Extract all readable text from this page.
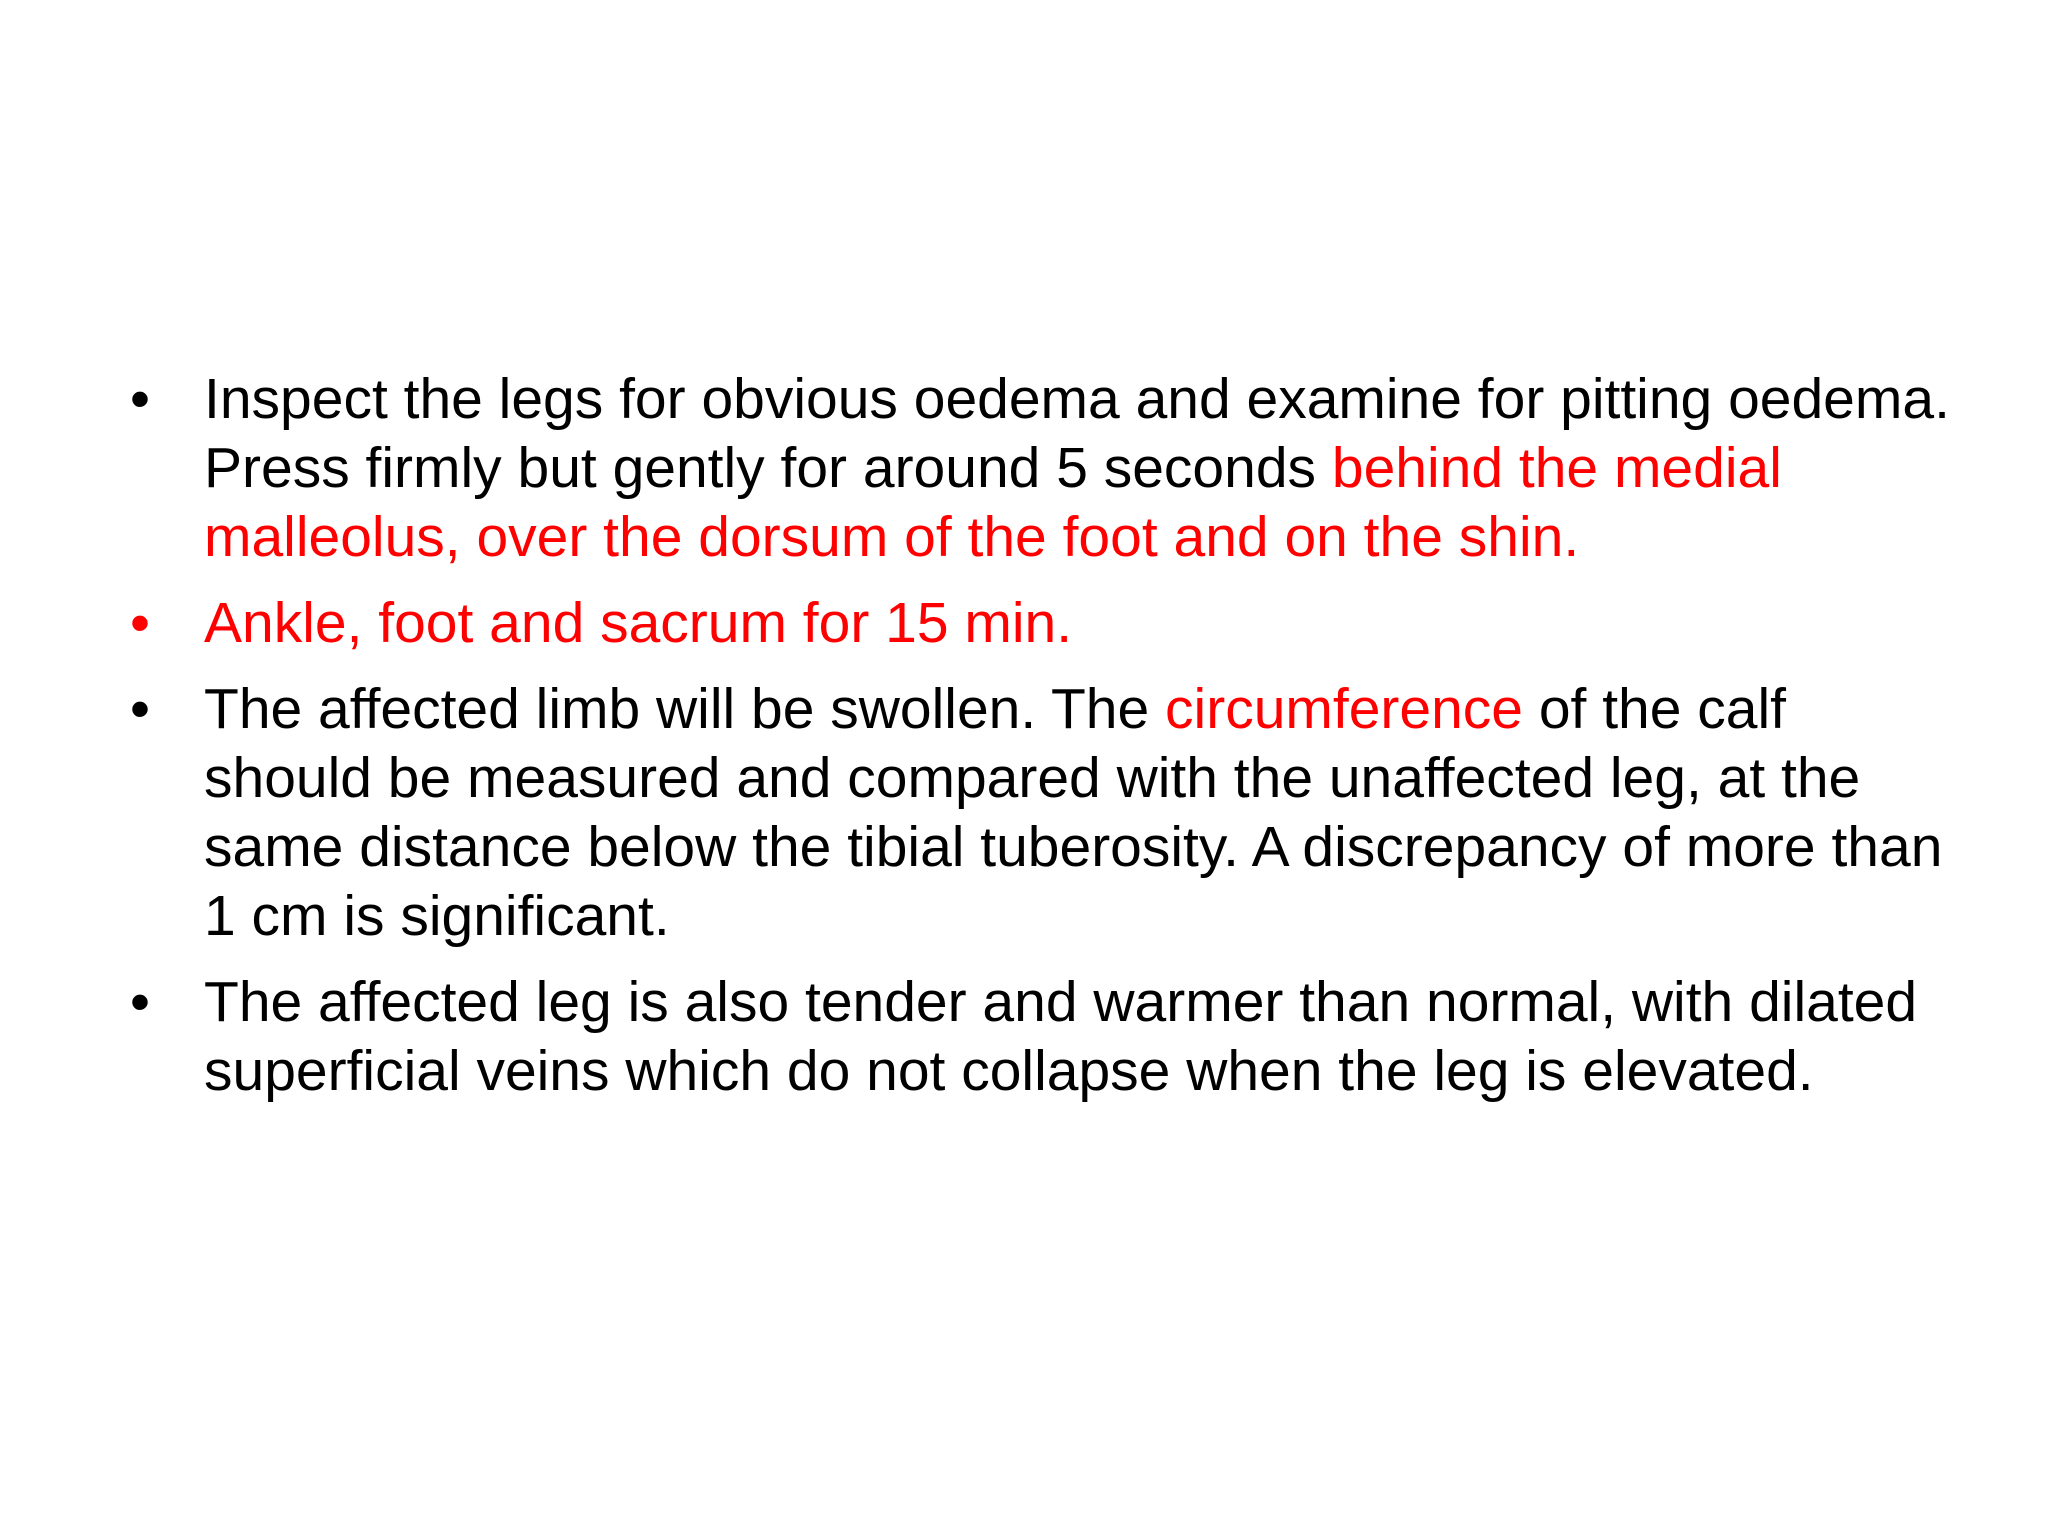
• Inspect the legs for obvious oedema and examine for pitting oedema. Press firmly but gently for around 5 seconds behind the medial malleolus, over the dorsum of the foot and on the shin.
• Ankle, foot and sacrum for 15 min.
• The affected limb will be swollen. The circumference of the calf should be measured and compared with the unaffected leg, at the same distance below the tibial tuberosity. A discrepancy of more than 1 cm is significant.
• The affected leg is also tender and warmer than normal, with dilated superficial veins which do not collapse when the leg is elevated.
